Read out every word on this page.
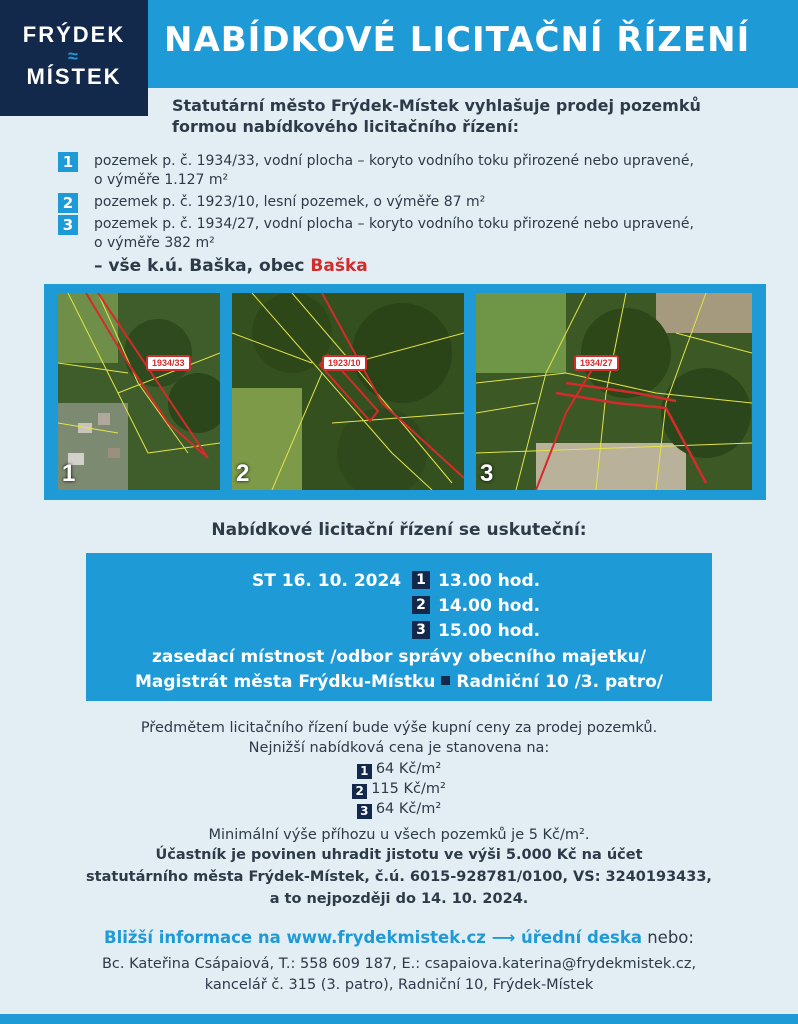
NABÍDKOVÉ LICITAČNÍ ŘÍZENÍ
FRÝDEK
≈
MÍSTEK
Statutární město Frýdek-Místek vyhlašuje prodej pozemků formou nabídkového licitačního řízení:
1	pozemek p. č. 1934/33, vodní plocha – koryto vodního toku přirozené nebo upravené,
o výměře 1.127 m²
2	pozemek p. č. 1923/10, lesní pozemek, o výměře 87 m²
3	pozemek p. č. 1934/27, vodní plocha – koryto vodního toku přirozené nebo upravené,
o výměře 382 m²
– vše k.ú. Baška, obec Baška
1934/33
1
1923/10
2
1934/27
3
Nabídkové licitační řízení se uskuteční:
ST 16. 10. 2024 1 13.00 hod.
2 14.00 hod.
3 15.00 hod.
zasedací místnost /odbor správy obecního majetku/
Magistrát města Frýdku-Místku Radniční 10 /3. patro/
Předmětem licitačního řízení bude výše kupní ceny za prodej pozemků.
Nejnižší nabídková cena je stanovena na:
1 64 Kč/m²
2 115 Kč/m²
3 64 Kč/m²
Minimální výše příhozu u všech pozemků je 5 Kč/m².
Účastník je povinen uhradit jistotu ve výši 5.000 Kč na účet
statutárního města Frýdek-Místek, č.ú. 6015-928781/0100, VS: 3240193433,
a to nejpozději do 14. 10. 2024.
Bližší informace na www.frydekmistek.cz ⟶ úřední deska nebo:
Bc. Kateřina Csápaiová, T.: 558 609 187, E.: csapaiova.katerina@frydekmistek.cz,
kancelář č. 315 (3. patro), Radniční 10, Frýdek-Místek
